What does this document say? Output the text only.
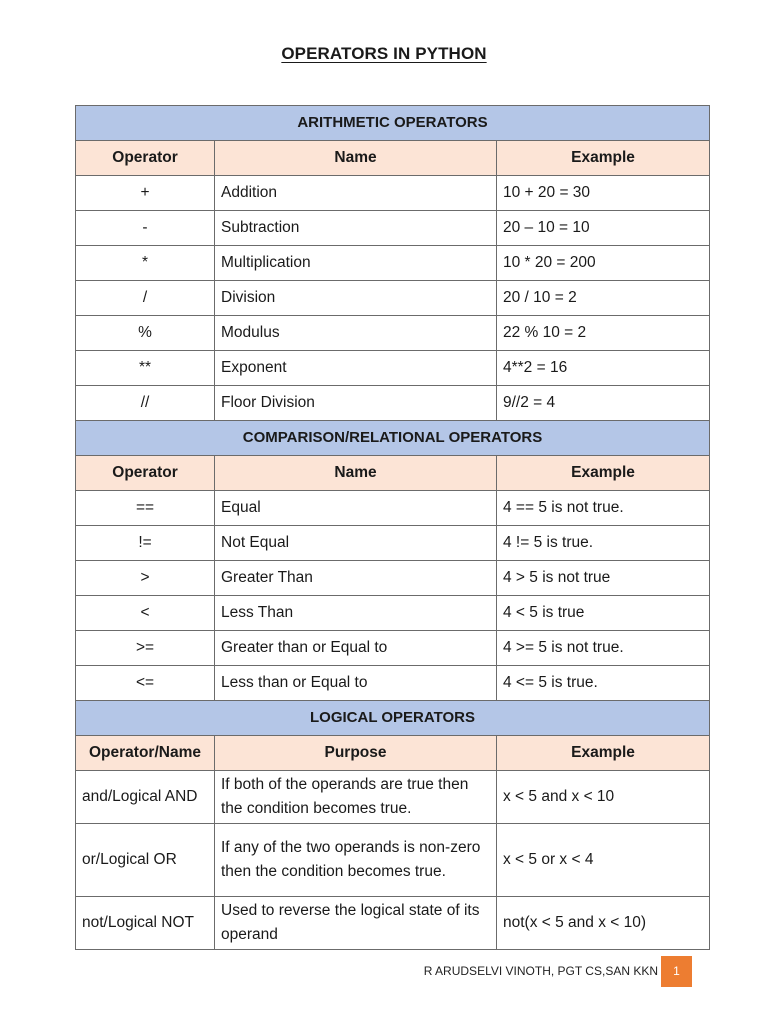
OPERATORS IN PYTHON
ARITHMETIC OPERATORS		
Operator	Name	Example
+	Addition	10 + 20 = 30
-	Subtraction	20 – 10 = 10
*	Multiplication	10 * 20 = 200
/	Division	20 / 10 = 2
%	Modulus	22 % 10 = 2
**	Exponent	4**2 = 16
//	Floor Division	9//2 = 4
COMPARISON/RELATIONAL OPERATORS		
Operator	Name	Example
==	Equal	4 == 5 is not true.
!=	Not Equal	4 != 5 is true.
>	Greater Than	4 > 5 is not true
<	Less Than	4 < 5 is true
>=	Greater than or Equal to	4 >= 5 is not true.
<=	Less than or Equal to	4 <= 5 is true.
LOGICAL OPERATORS		
Operator/Name	Purpose	Example
and/Logical AND	If both of the operands are true then the condition becomes true.	x < 5 and x < 10
or/Logical OR	If any of the two operands is non-zero then the condition becomes true.	x < 5 or x < 4
not/Logical NOT	Used to reverse the logical state of its operand	not(x < 5 and x < 10)
R ARUDSELVI VINOTH, PGT CS,SAN KKN	1
